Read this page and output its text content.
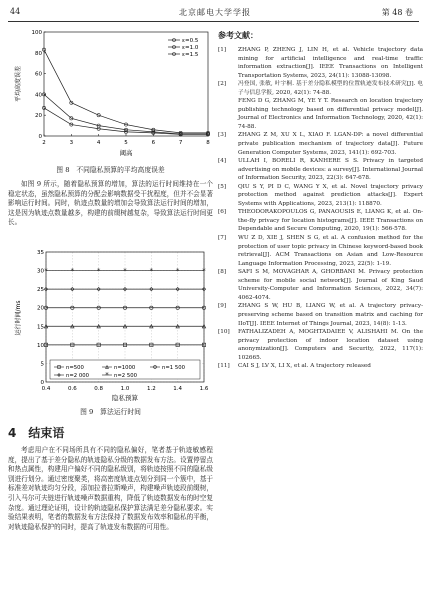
44	北京邮电大学学报	第 48 卷
0
20
40
60
80
100
2	3	4	5	6	7	8
ε=0.5
ε=1.0
ε=1.5
平均高度误差
阈高
图 8　不同隐私预算的平均高度误差

如图 9 所示，随着隐私预算的增加，算法的运行时间维持在一个稳定状态，虽然隐私预算的分配会影响数据受干扰程度，但并不会显著影响运行时间。同时，轨迹点数量的增加会导致算法运行时间的增加，这是因为轨迹点数量越多，构建的前缀树越复杂，导致算法运行时间更长。

0
5
10
15
20
25
30
35
0.4	0.6	0.8	1.0	1.2	1.4	1.6
*	*	*	*	*	*	*
n=500	n=1000	n=1 500
n=2 000 * n=2 500
运行时间/ms
隐私预算
图 9　算法运行时间
4　结束语

考虑用户在不同场所具有不同的隐私偏好，笔者基于轨迹敏感程度，提出了基于差分隐私的轨迹隐私分级的数据发布方法。设置停留点和热点属性，构建用户偏好不同的隐私级别，将轨迹按照不同的隐私级别进行划分。通过密度聚类，将高密度轨迹点划分到同一个簇中，基于标准差对轨迹均匀分段，添加拉普拉斯噪声，构建噪声轨迹段前缀树，引入马尔可夫链进行轨迹噪声数据重构，降低了轨迹数据发布的时空复杂度。通过理论证明，设计的轨迹隐私保护算法满足差分隐私要求。实验结果表明，笔者的数据发布方法保持了数据发布效率和隐私的平衡，对轨迹隐私保护的同时，提高了轨迹发布数据的可用性。

参考文献：

[1] ZHANG P, ZHENG J, LIN H, et al. Vehicle trajectory data mining for artificial intelligence and real-time traffic information extraction[J]. IEEE Transactions on Intelligent Transportation Systems, 2023, 24(11): 13088-13098.

[2] 冯登国, 张敏, 叶宇桐. 基于差分隐私模型的位置轨迹发布技术研究[J]. 电子与信息学报, 2020, 42(1): 74-88.

FENG D G, ZHANG M, YE Y T. Research on location trajectory publishing technology based on differential privacy model[J]. Journal of Electronics and Information Technology, 2020, 42(1): 74-88.

[3] ZHANG Z M, XU X L, XIAO F. LGAN-DP: a novel differential private publication mechanism of trajectory data[J]. Future Generation Computer Systems, 2023, 141(1): 692-703.

[4] ULLAH I, BORELI R, KANHERE S S. Privacy in targeted advertising on mobile devices: a survey[J]. International Journal of Information Security, 2023, 22(3): 647-678.

[5] QIU S Y, PI D C, WANG Y X, et al. Novel trajectory privacy protection method against prediction attacks[J]. Expert Systems with Applications, 2023, 213(1): 118870.

[6] THEODORAKOPOULOS G, PANAOUSIS E, LIANG K, et al. On-the-fly privacy for location histograms[J]. IEEE Transactions on Dependable and Secure Computing, 2020, 19(1): 566-578.

[7] WU Z D, XIE J, SHEN S G, et al. A confusion method for the protection of user topic privacy in Chinese keyword-based book retrieval[J]. ACM Transactions on Asian and Low-Resource Language Information Processing, 2023, 22(5): 1-19.

[8] SAFI S M, MOVAGHAR A, GHORBANI M. Privacy protection scheme for mobile social network[J]. Journal of King Saud University-Computer and Information Sciences, 2022, 34(7): 4062-4074.

[9] ZHANG S W, HU B, LIANG W, et al. A trajectory privacy-preserving scheme based on transition matrix and caching for IIoT[J]. IEEE Internet of Things Journal, 2023, 14(8): 1-13.

[10] FATHALIZADEH A, MOGHTADAIEE V, ALISHAHI M. On the privacy protection of indoor location dataset using anonymization[J]. Computers and Security, 2022, 117(1): 102665.

[11] CAI S J, LV X, LI X, et al. A trajectory released
